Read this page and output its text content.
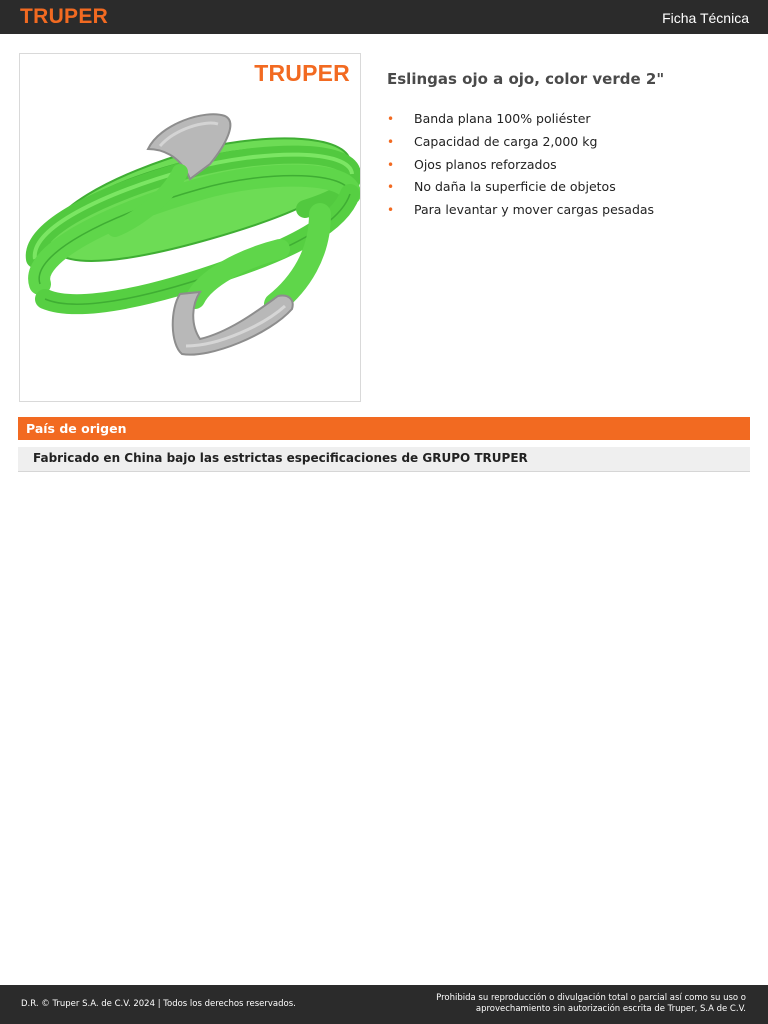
TRUPER	Ficha Técnica
TRUPER Eslingas ojo a ojo, color verde 2"
• Banda plana 100% poliéster
• Capacidad de carga 2,000 kg
• Ojos planos reforzados
• No daña la superficie de objetos
• Para levantar y mover cargas pesadas
País de origen
Fabricado en China bajo las estrictas especificaciones de GRUPO TRUPER
D.R. © Truper S.A. de C.V. 2024 | Todos los derechos reservados.
Prohibida su reproducción o divulgación total o parcial así como su uso o
aprovechamiento sin autorización escrita de Truper, S.A de C.V.
